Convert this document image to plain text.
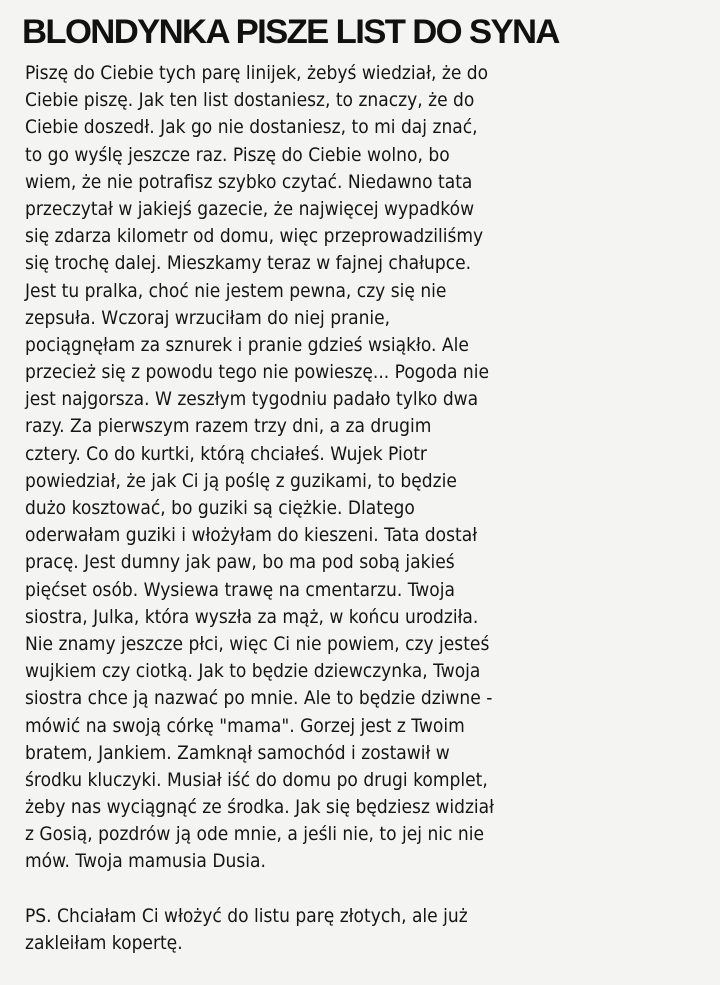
BLONDYNKA PISZE LIST DO SYNA
Piszę do Ciebie tych parę linijek, żebyś wiedział, że do
Ciebie piszę. Jak ten list dostaniesz, to znaczy, że do
Ciebie doszedł. Jak go nie dostaniesz, to mi daj znać,
to go wyślę jeszcze raz. Piszę do Ciebie wolno, bo
wiem, że nie potrafisz szybko czytać. Niedawno tata
przeczytał w jakiejś gazecie, że najwięcej wypadków
się zdarza kilometr od domu, więc przeprowadziliśmy
się trochę dalej. Mieszkamy teraz w fajnej chałupce.
Jest tu pralka, choć nie jestem pewna, czy się nie
zepsuła. Wczoraj wrzuciłam do niej pranie,
pociągnęłam za sznurek i pranie gdzieś wsiąkło. Ale
przecież się z powodu tego nie powieszę... Pogoda nie
jest najgorsza. W zeszłym tygodniu padało tylko dwa
razy. Za pierwszym razem trzy dni, a za drugim
cztery. Co do kurtki, którą chciałeś. Wujek Piotr
powiedział, że jak Ci ją poślę z guzikami, to będzie
dużo kosztować, bo guziki są ciężkie. Dlatego
oderwałam guziki i włożyłam do kieszeni. Tata dostał
pracę. Jest dumny jak paw, bo ma pod sobą jakieś
pięćset osób. Wysiewa trawę na cmentarzu. Twoja
siostra, Julka, która wyszła za mąż, w końcu urodziła.
Nie znamy jeszcze płci, więc Ci nie powiem, czy jesteś
wujkiem czy ciotką. Jak to będzie dziewczynka, Twoja
siostra chce ją nazwać po mnie. Ale to będzie dziwne -
mówić na swoją córkę "mama". Gorzej jest z Twoim
bratem, Jankiem. Zamknął samochód i zostawił w
środku kluczyki. Musiał iść do domu po drugi komplet,
żeby nas wyciągnąć ze środka. Jak się będziesz widział
z Gosią, pozdrów ją ode mnie, a jeśli nie, to jej nic nie
mów. Twoja mamusia Dusia.
PS. Chciałam Ci włożyć do listu parę złotych, ale już
zakleiłam kopertę.
